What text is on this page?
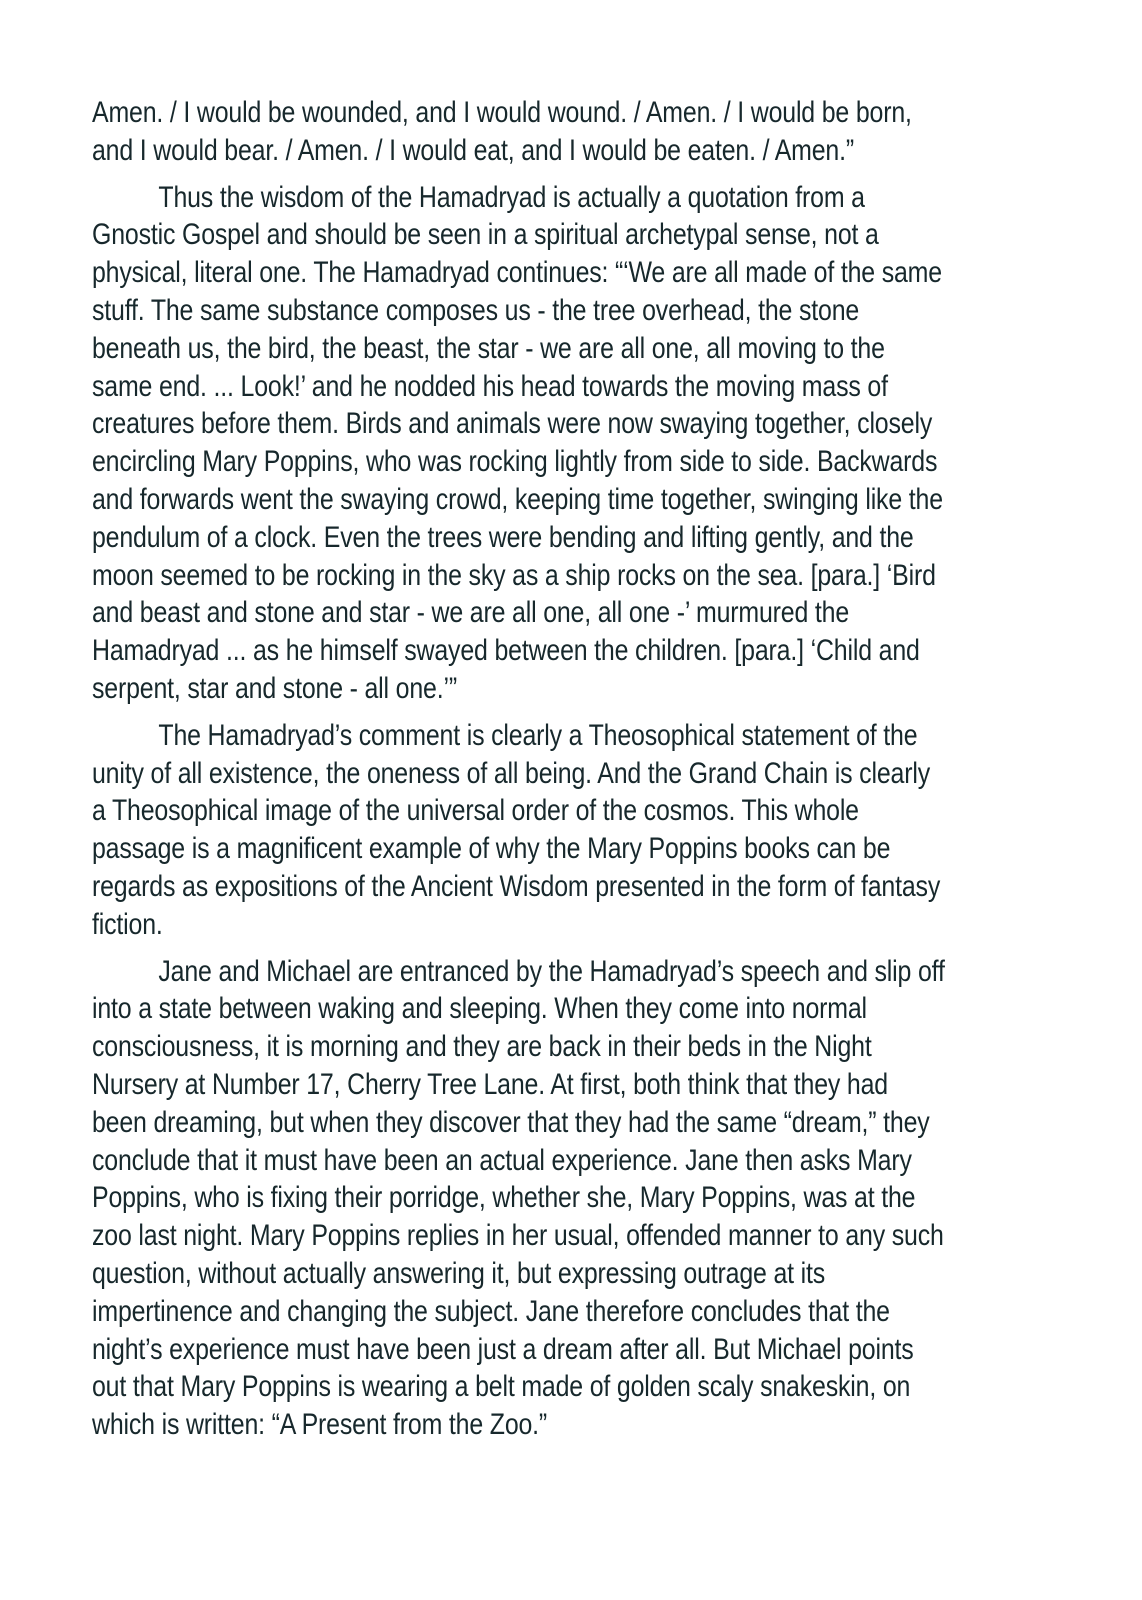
Amen. / I would be wounded, and I would wound. / Amen. / I would be born,
and I would bear. / Amen. / I would eat, and I would be eaten. / Amen.”
Thus the wisdom of the Hamadryad is actually a quotation from a
Gnostic Gospel and should be seen in a spiritual archetypal sense, not a
physical, literal one. The Hamadryad continues: “‘We are all made of the same
stuff. The same substance composes us - the tree overhead, the stone
beneath us, the bird, the beast, the star - we are all one, all moving to the
same end. ... Look!’ and he nodded his head towards the moving mass of
creatures before them. Birds and animals were now swaying together, closely
encircling Mary Poppins, who was rocking lightly from side to side. Backwards
and forwards went the swaying crowd, keeping time together, swinging like the
pendulum of a clock. Even the trees were bending and lifting gently, and the
moon seemed to be rocking in the sky as a ship rocks on the sea. [para.] ‘Bird
and beast and stone and star - we are all one, all one -’ murmured the
Hamadryad ... as he himself swayed between the children. [para.] ‘Child and
serpent, star and stone - all one.’”
The Hamadryad’s comment is clearly a Theosophical statement of the
unity of all existence, the oneness of all being. And the Grand Chain is clearly
a Theosophical image of the universal order of the cosmos. This whole
passage is a magnificent example of why the Mary Poppins books can be
regards as expositions of the Ancient Wisdom presented in the form of fantasy
fiction.
Jane and Michael are entranced by the Hamadryad’s speech and slip off
into a state between waking and sleeping. When they come into normal
consciousness, it is morning and they are back in their beds in the Night
Nursery at Number 17, Cherry Tree Lane. At first, both think that they had
been dreaming, but when they discover that they had the same “dream,” they
conclude that it must have been an actual experience. Jane then asks Mary
Poppins, who is fixing their porridge, whether she, Mary Poppins, was at the
zoo last night. Mary Poppins replies in her usual, offended manner to any such
question, without actually answering it, but expressing outrage at its
impertinence and changing the subject. Jane therefore concludes that the
night’s experience must have been just a dream after all. But Michael points
out that Mary Poppins is wearing a belt made of golden scaly snakeskin, on
which is written: “A Present from the Zoo.”
